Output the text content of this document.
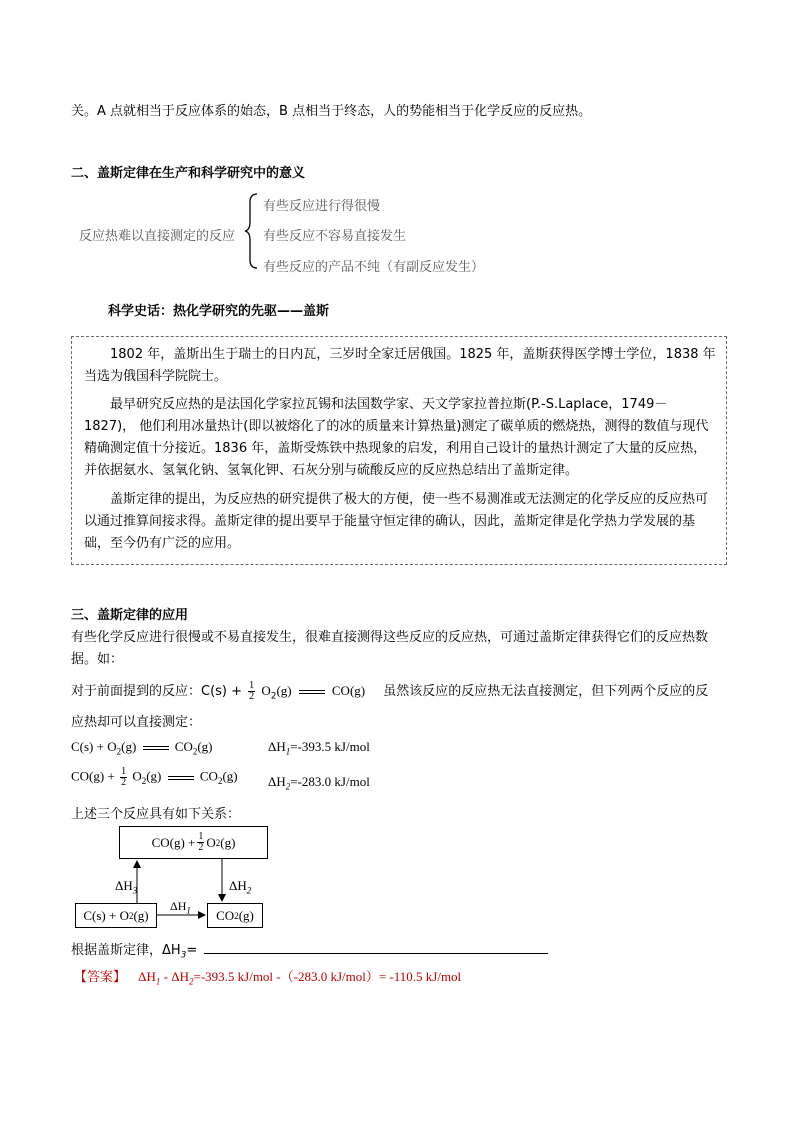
关。A 点就相当于反应体系的始态，B 点相当于终态，人的势能相当于化学反应的反应热。
二、盖斯定律在生产和科学研究中的意义
反应热难以直接测定的反应
有些反应进行得很慢
有些反应不容易直接发生
有些反应的产品不纯（有副反应发生）
科学史话：热化学研究的先驱——盖斯
1802 年，盖斯出生于瑞士的日内瓦，三岁时全家迁居俄国。1825 年，盖斯获得医学博士学位，1838 年当选为俄国科学院院士。
最早研究反应热的是法国化学家拉瓦锡和法国数学家、天文学家拉普拉斯(P.-S.Laplace，1749－1827)， 他们利用冰量热计(即以被熔化了的冰的质量来计算热量)测定了碳单质的燃烧热，测得的数值与现代精确测定值十分接近。1836 年，盖斯受炼铁中热现象的启发，利用自己设计的量热计测定了大量的反应热，并依据氨水、氢氧化钠、氢氧化钾、石灰分别与硫酸反应的反应热总结出了盖斯定律。
盖斯定律的提出，为反应热的研究提供了极大的方便，使一些不易测准或无法测定的化学反应的反应热可以通过推算间接求得。盖斯定律的提出要早于能量守恒定律的确认，因此，盖斯定律是化学热力学发展的基础，至今仍有广泛的应用。
三、盖斯定律的应用
有些化学反应进行很慢或不易直接发生，很难直接测得这些反应的反应热，可通过盖斯定律获得它们的反应热数据。如：
对于前面提到的反应：$C(s) + \frac{1}{2} O_2(g)$	CO(g) 虽然该反应的反应热无法直接测定，但下列两个反应的反
应热却可以直接测定：
$C(s) + O_2(g)$	$CO_2(g)$	$\Delta H_1=-393.5$ kJ/mol
$CO(g) + \frac{1}{2} O_2(g)$	$CO_2(g)$ $\Delta H_2=-283.0$ kJ/mol
上述三个反应具有如下关系：
$CO(g) + \frac{1}{2}$ O 2 (g)
C(s) + O 2 (g)	CO 2 (g)
$\Delta H_3$	$\Delta H_2$
$\Delta H_1$
根据盖斯定律，$\Delta H_3=$
【答案】 $\Delta H_1 - \Delta H_2=-393.5$ kJ/mol -（-283.0 kJ/mol）= -110.5 kJ/mol
